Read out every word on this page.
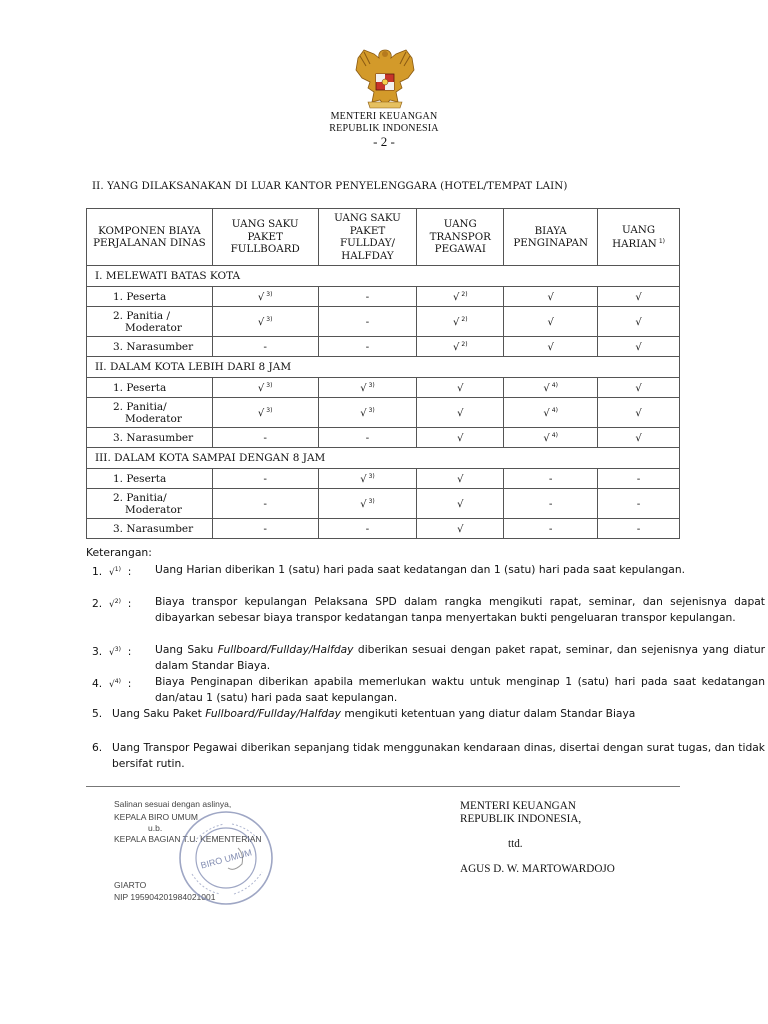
MENTERI KEUANGAN
REPUBLIK INDONESIA
- 2 -
II. YANG DILAKSANAKAN DI LUAR KANTOR PENYELENGGARA (HOTEL/TEMPAT LAIN)
KOMPONEN BIAYA PERJALANAN DINAS	UANG SAKU PAKET FULLBOARD	UANG SAKU PAKET FULLDAY/ HALFDAY	UANG TRANSPOR PEGAWAI	BIAYA PENGINAPAN	UANG HARIAN $^{1)}$
I. MELEWATI BATAS KOTA					
1. Peserta	√ $^{3)}$	-	√ $^{2)}$	√	√
2. Panitia /
Moderator	√ $^{3)}$	-	√ $^{2)}$	√	√
3. Narasumber	-	-	√ $^{2)}$	√	√
II. DALAM KOTA LEBIH DARI 8 JAM					
1. Peserta	√ $^{3)}$	√ $^{3)}$	√	√ $^{4)}$	√
2. Panitia/
Moderator	√ $^{3)}$	√ $^{3)}$	√	√ $^{4)}$	√
3. Narasumber	-	-	√	√ $^{4)}$	√
III. DALAM KOTA SAMPAI DENGAN 8 JAM					
1. Peserta	-	√ $^{3)}$	√	-	-
2. Panitia/
Moderator	-	√ $^{3)}$	√	-	-
3. Narasumber	-	-	√	-	-
Keterangan:
1. √$^{1)}$  :	Uang Harian diberikan 1 (satu) hari pada saat kedatangan dan 1 (satu) hari pada saat kepulangan.
2. √$^{2)}$  :	Biaya transpor kepulangan Pelaksana SPD dalam rangka mengikuti rapat, seminar, dan sejenisnya dapat dibayarkan sebesar biaya transpor kedatangan tanpa menyertakan bukti pengeluaran transpor kepulangan.
3. √$^{3)}$  :	Uang Saku Fullboard/Fullday/Halfday diberikan sesuai dengan paket rapat, seminar, dan sejenisnya yang diatur dalam Standar Biaya.
4. √$^{4)}$  :	Biaya Penginapan diberikan apabila memerlukan waktu untuk menginap 1 (satu) hari pada saat kedatangan dan/atau 1 (satu) hari pada saat kepulangan.
5. Uang Saku Paket Fullboard/Fullday/Halfday mengikuti ketentuan yang diatur dalam Standar Biaya
6. Uang Transpor Pegawai diberikan sepanjang tidak menggunakan kendaraan dinas, disertai dengan surat tugas, dan tidak bersifat rutin.
MENTERI KEUANGAN
REPUBLIK INDONESIA,
ttd.
AGUS D. W. MARTOWARDOJO
Salinan sesuai dengan aslinya,
KEPALA BIRO UMUM
u.b.
KEPALA BAGIAN T.U. KEMENTERIAN
GIARTO
NIP 195904201984021001
BIRO UMUM
